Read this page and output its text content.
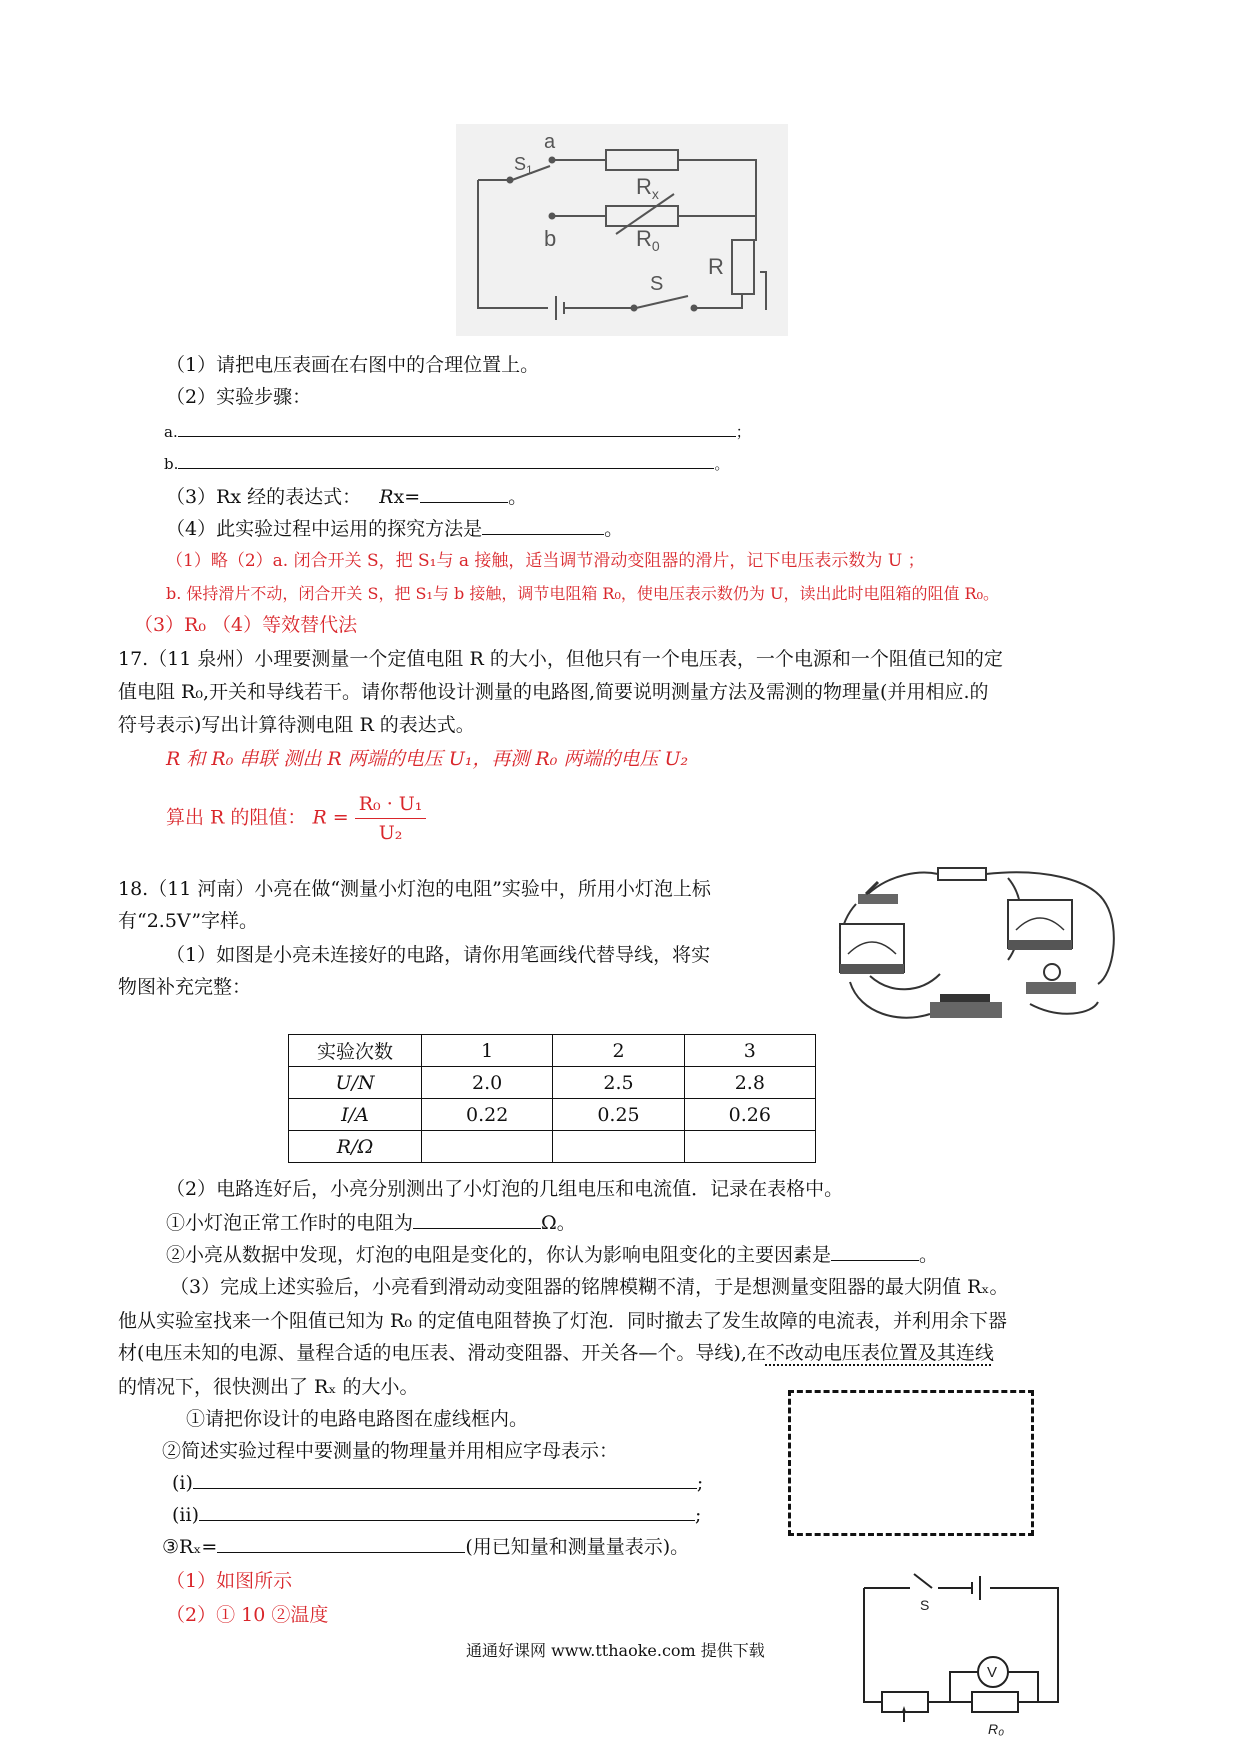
a
$S_1$
$R_x$
b	$R_0$
R
S
（1）请把电压表画在右图中的合理位置上。
（2）实验步骤：
a.	；
b.	。
（3）Rx 经的表达式： Rx=	。
（4）此实验过程中运用的探究方法是	。
（1）略（2）a. 闭合开关 S，把 S₁与 a 接触，适当调节滑动变阻器的滑片，记下电压表示数为 U ；
b. 保持滑片不动，闭合开关 S，把 S₁与 b 接触，调节电阻箱 R₀，使电压表示数仍为 U，读出此时电阻箱的阻值 R₀。
（3）R₀ （4）等效替代法
17.（11 泉州）小理要测量一个定值电阻 R 的大小，但他只有一个电压表，一个电源和一个阻值已知的定
值电阻 R₀,开关和导线若干。请你帮他设计测量的电路图,简要说明测量方法及需测的物理量(并用相应.的
符号表示)写出计算待测电阻 R 的表达式。
R 和 R₀ 串联 测出 R 两端的电压 U₁，再测 R₀ 两端的电压 U₂
算出 R 的阻值： $R = \frac{\text{R₀ · U₁}}{\text{U₂}}$
18.（11 河南）小亮在做“测量小灯泡的电阻”实验中，所用小灯泡上标
有“2.5V”字样。
（1）如图是小亮未连接好的电路，请你用笔画线代替导线，将实
物图补充完整：
实验次数	1	2	3
U/N	2.0	2.5	2.8
I/A	0.22	0.25	0.26
R/Ω			
（2）电路连好后，小亮分别测出了小灯泡的几组电压和电流值．记录在表格中。
①小灯泡正常工作时的电阻为	Ω。
②小亮从数据中发现，灯泡的电阻是变化的，你认为影响电阻变化的主要因素是	。
（3）完成上述实验后，小亮看到滑动动变阻器的铭牌模糊不清，于是想测量变阻器的最大阴值 Rₓ。
他从实验室找来一个阻值已知为 R₀ 的定值电阻替换了灯泡．同时撤去了发生故障的电流表，并利用余下器
材(电压未知的电源、量程合适的电压表、滑动变阻器、开关各—个。导线),在不改动电压表位置及其连线
的情况下，很快测出了 Rₓ 的大小。
①请把你设计的电路电路图在虚线框内。
②简述实验过程中要测量的物理量并用相应字母表示：
(i)	;
(ii)	;
③Rₓ=	(用已知量和测量量表示)。
（1）如图所示
（2）① 10 ②温度	S
V
R₀
通通好课网 www.tthaoke.com 提供下载
